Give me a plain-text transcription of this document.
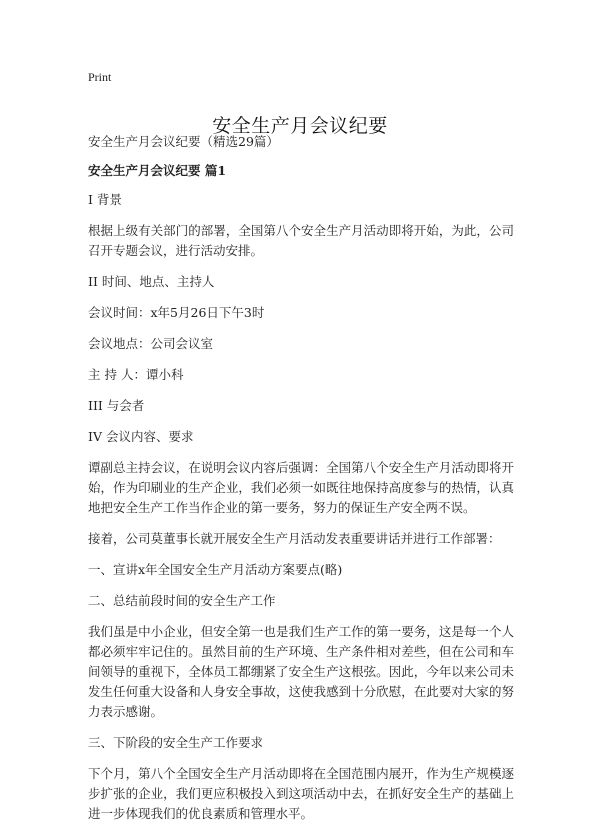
Print
安全生产月会议纪要

安全生产月会议纪要（精选29篇）

安全生产月会议纪要 篇1

I 背景

根据上级有关部门的部署，全国第八个安全生产月活动即将开始，为此，公司召开专题会议，进行活动安排。

II 时间、地点、主持人

会议时间：x年5月26日下午3时

会议地点：公司会议室

主 持 人：谭小科

III 与会者

IV 会议内容、要求

谭副总主持会议，在说明会议内容后强调：全国第八个安全生产月活动即将开始，作为印刷业的生产企业，我们必须一如既往地保持高度参与的热情，认真地把安全生产工作当作企业的第一要务，努力的保证生产安全两不误。

接着，公司莫董事长就开展安全生产月活动发表重要讲话并进行工作部署：

一、宣讲x年全国安全生产月活动方案要点(略)

二、总结前段时间的安全生产工作

我们虽是中小企业，但安全第一也是我们生产工作的第一要务，这是每一个人都必须牢牢记住的。虽然目前的生产环境、生产条件相对差些，但在公司和车间领导的重视下，全体员工都绷紧了安全生产这根弦。因此，今年以来公司未发生任何重大设备和人身安全事故，这使我感到十分欣慰，在此要对大家的努力表示感谢。

三、下阶段的安全生产工作要求

下个月，第八个全国安全生产月活动即将在全国范围内展开，作为生产规模逐步扩张的企业，我们更应积极投入到这项活动中去，在抓好安全生产的基础上进一步体现我们的优良素质和管理水平。
